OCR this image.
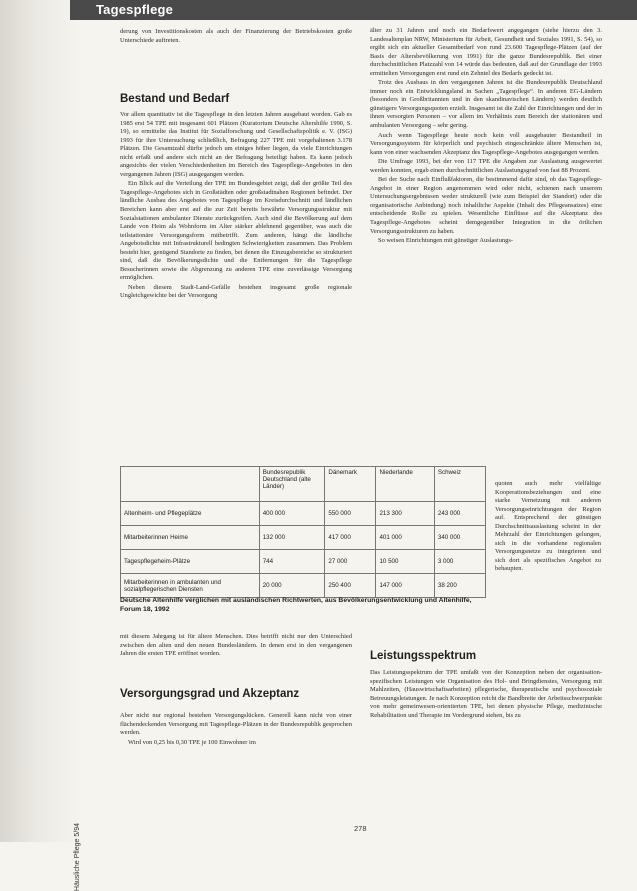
Tagespflege

derung von Investitionskosten als auch der Finanzierung der Betriebskosten große Unterschiede auftreten.

Bestand und Bedarf

Vor allem quantitativ ist die Tagespflege in den letzten Jahren ausgebaut worden. Gab es 1985 erst 54 TPE mit insgesamt 601 Plätzen (Kuratorium Deutsche Altershilfe 1990, S. 19), so ermittelte das Institut für Sozialforschung und Gesellschaftspolitik e. V. (ISG) 1993 für ihre Untersuchung schließlich, Befragung 227 TPE mit vorgehaltenen 3.178 Plätzen. Die Gesamtzahl dürfte jedoch um einiges höher liegen, da viele Einrichtungen nicht erfaßt und andere sich nicht an der Befragung beteiligt haben. Es kann jedoch angesichts der vielen Verschiedenheiten im Bereich des Tagespflege-Angebotes in den vergangenen Jahren (ISG) ausgegangen werden.

Ein Blick auf die Verteilung der TPE im Bundesgebiet zeigt, daß der größte Teil des Tagespflege-Angebotes sich in Großstädten oder großstadtnahen Regionen befindet. Der ländliche Ausbau des Angebotes von Tagespflege im Kreisdurchschnitt und ländlichen Bereichen kann aber erst auf die zur Zeit bereits bewährte Versorgungsstruktur mit Sozialstationen ambulanter Dienste zurückgreifen. Auch sind die Bevölkerung auf dem Lande von Heim als Wohnform im Alter stärker ablehnend gegenüber, was auch die teilstationäre Versorgungsform mitbetrifft. Zum anderen, hängt die ländliche Angebotsdichte mit Infrastrukturell bedingten Schwierigkeiten zusammen. Das Problem besteht hier, genügend Standorte zu finden, bei denen die Einzugsbereiche so strukturiert sind, daß die Bevölkerungsdichte und die Entfernungen für die Tagespflege Besucherinnen sowie die Abgrenzung zu anderen TPE eine zuverlässige Versorgung ermöglichen.

Neben diesem Stadt-Land-Gefälle bestehen insgesamt große regionale Ungleichgewichte bei der Versorgung

älter zu 31 Jahren und noch ein Bedarfswert angegangen (siehe hierzu den 3. Landesaltenplan NRW, Ministerium für Arbeit, Gesundheit und Soziales 1991, S. 54), so ergibt sich ein aktueller Gesamtbedarf von rund 23.600 Tagespflege-Plätzen (auf der Basis der Altersbevölkerung von 1991) für die ganze Bundesrepublik. Bei einer durchschnittlichen Platzzahl von 14 würde das bedeuten, daß auf der Grundlage der 1993 ermittelten Versorgungen erst rund ein Zehntel des Bedarfs gedeckt ist.

Trotz des Ausbaus in den vergangenen Jahren ist die Bundesrepublik Deutschland immer noch ein Entwicklungsland in Sachen „Tagespflege“. In anderen EG-Ländern (besonders in Großbritannien und in den skandinavischen Ländern) werden deutlich günstigere Versorgungsquoten erzielt. Insgesamt ist die Zahl der Einrichtungen und der in ihnen versorgten Personen – vor allem im Verhältnis zum Bereich der stationären und ambulanten Versorgung – sehr gering.

Auch wenn Tagespflege heute noch kein voll ausgebauter Bestandteil in Versorgungssystem für körperlich und psychisch eingeschränkte ältere Menschen ist, kann von einer wachsenden Akzeptanz des Tagespflege-Angebotes ausgegangen werden.

Die Umfrage 1993, bei der von 117 TPE die Angaben zur Auslastung ausgewertet werden konnten, ergab einen durchschnittlichen Auslastungsgrad von fast 88 Prozent.

Bei der Suche nach Einflußfaktoren, die bestimmend dafür sind, ob das Tagespflege-Angebot in einer Region angenommen wird oder nicht, schienen nach unserem Untersuchungsergebnissen weder strukturell (wie zum Beispiel der Standort) oder die organisatorische Anbindung) noch inhaltliche Aspekte (Inhalt des Pflegeansatzes) eine entscheidende Rolle zu spielen. Wesentliche Einflüsse auf die Akzeptanz des Tagespflege-Angebotes scheint demgegenüber Integration in die örtlichen Versorgungsstrukturen zu haben.

So weisen Einrichtungen mit günstiger Auslastungs-

	Bundesrepublik Deutschland (alte Länder)	Dänemark	Niederlande	Schweiz
Altenheim- und Pflegeplätze	400 000	550 000	213 300	243 000
Mitarbeiterinnen Heime	132 000	417 000	401 000	340 000
Tagespflegeheim-Plätze	744	27 000	10 500	3 000
Mitarbeiterinnen in ambulanten und sozialpflegerischen Diensten	20 000	250 400	147 000	38 200
quoten auch mehr vielfältige Kooperationsbeziehungen und eine starke Vernetzung mit anderen Versorgungseinrichtungen der Region auf. Entsprechend der günstigen Durchschnittsauslastung scheint in der Mehrzahl der Einrichtungen gelungen, sich in die vorhandene regionalen Versorgungsnetze zu integrieren und sich dort als spezifisches Angebot zu behaupten.
Deutsche Altenhilfe verglichen mit ausländischen Richtwerten, aus Bevölkerungsentwicklung und Altenhilfe, Forum 18, 1992

mit diesem Jahrgang ist für ältere Menschen. Dies betrifft nicht nur den Unterschied zwischen den alten und den neuen Bundesländern. In denen erst in den vergangenen Jahren die ersten TPE eröffnet worden.

Versorgungsgrad und Akzeptanz

Aber nicht nur regional bestehen Versorgungslücken. Generell kann nicht von einer flächendeckenden Versorgung mit Tagespflege-Plätzen in der Bundesrepublik gesprochen werden.

Wird von 0,25 bis 0,30 TPE je 100 Einwohner im

Leistungsspektrum

Das Leistungsspektrum der TPE umfaßt von der Konzeption neben der organisation-spezifischen Leistungen wie Organisation des Hol- und Bringdienstes, Versorgung mit Mahlzeiten, (Hauswirtschaftsarbeiten) pflegerische, therapeutische und psychosoziale Betreuungsleistungen. Je nach Konzeption reicht die Bandbreite der Arbeitsschwerpunkte von mehr gemeinwesen-orientierten TPE, bei denen physische Pflege, medizinische Rehabilitation und Therapie im Vordergrund stehen, bis zu

Häusliche Pflege 5/94	278
